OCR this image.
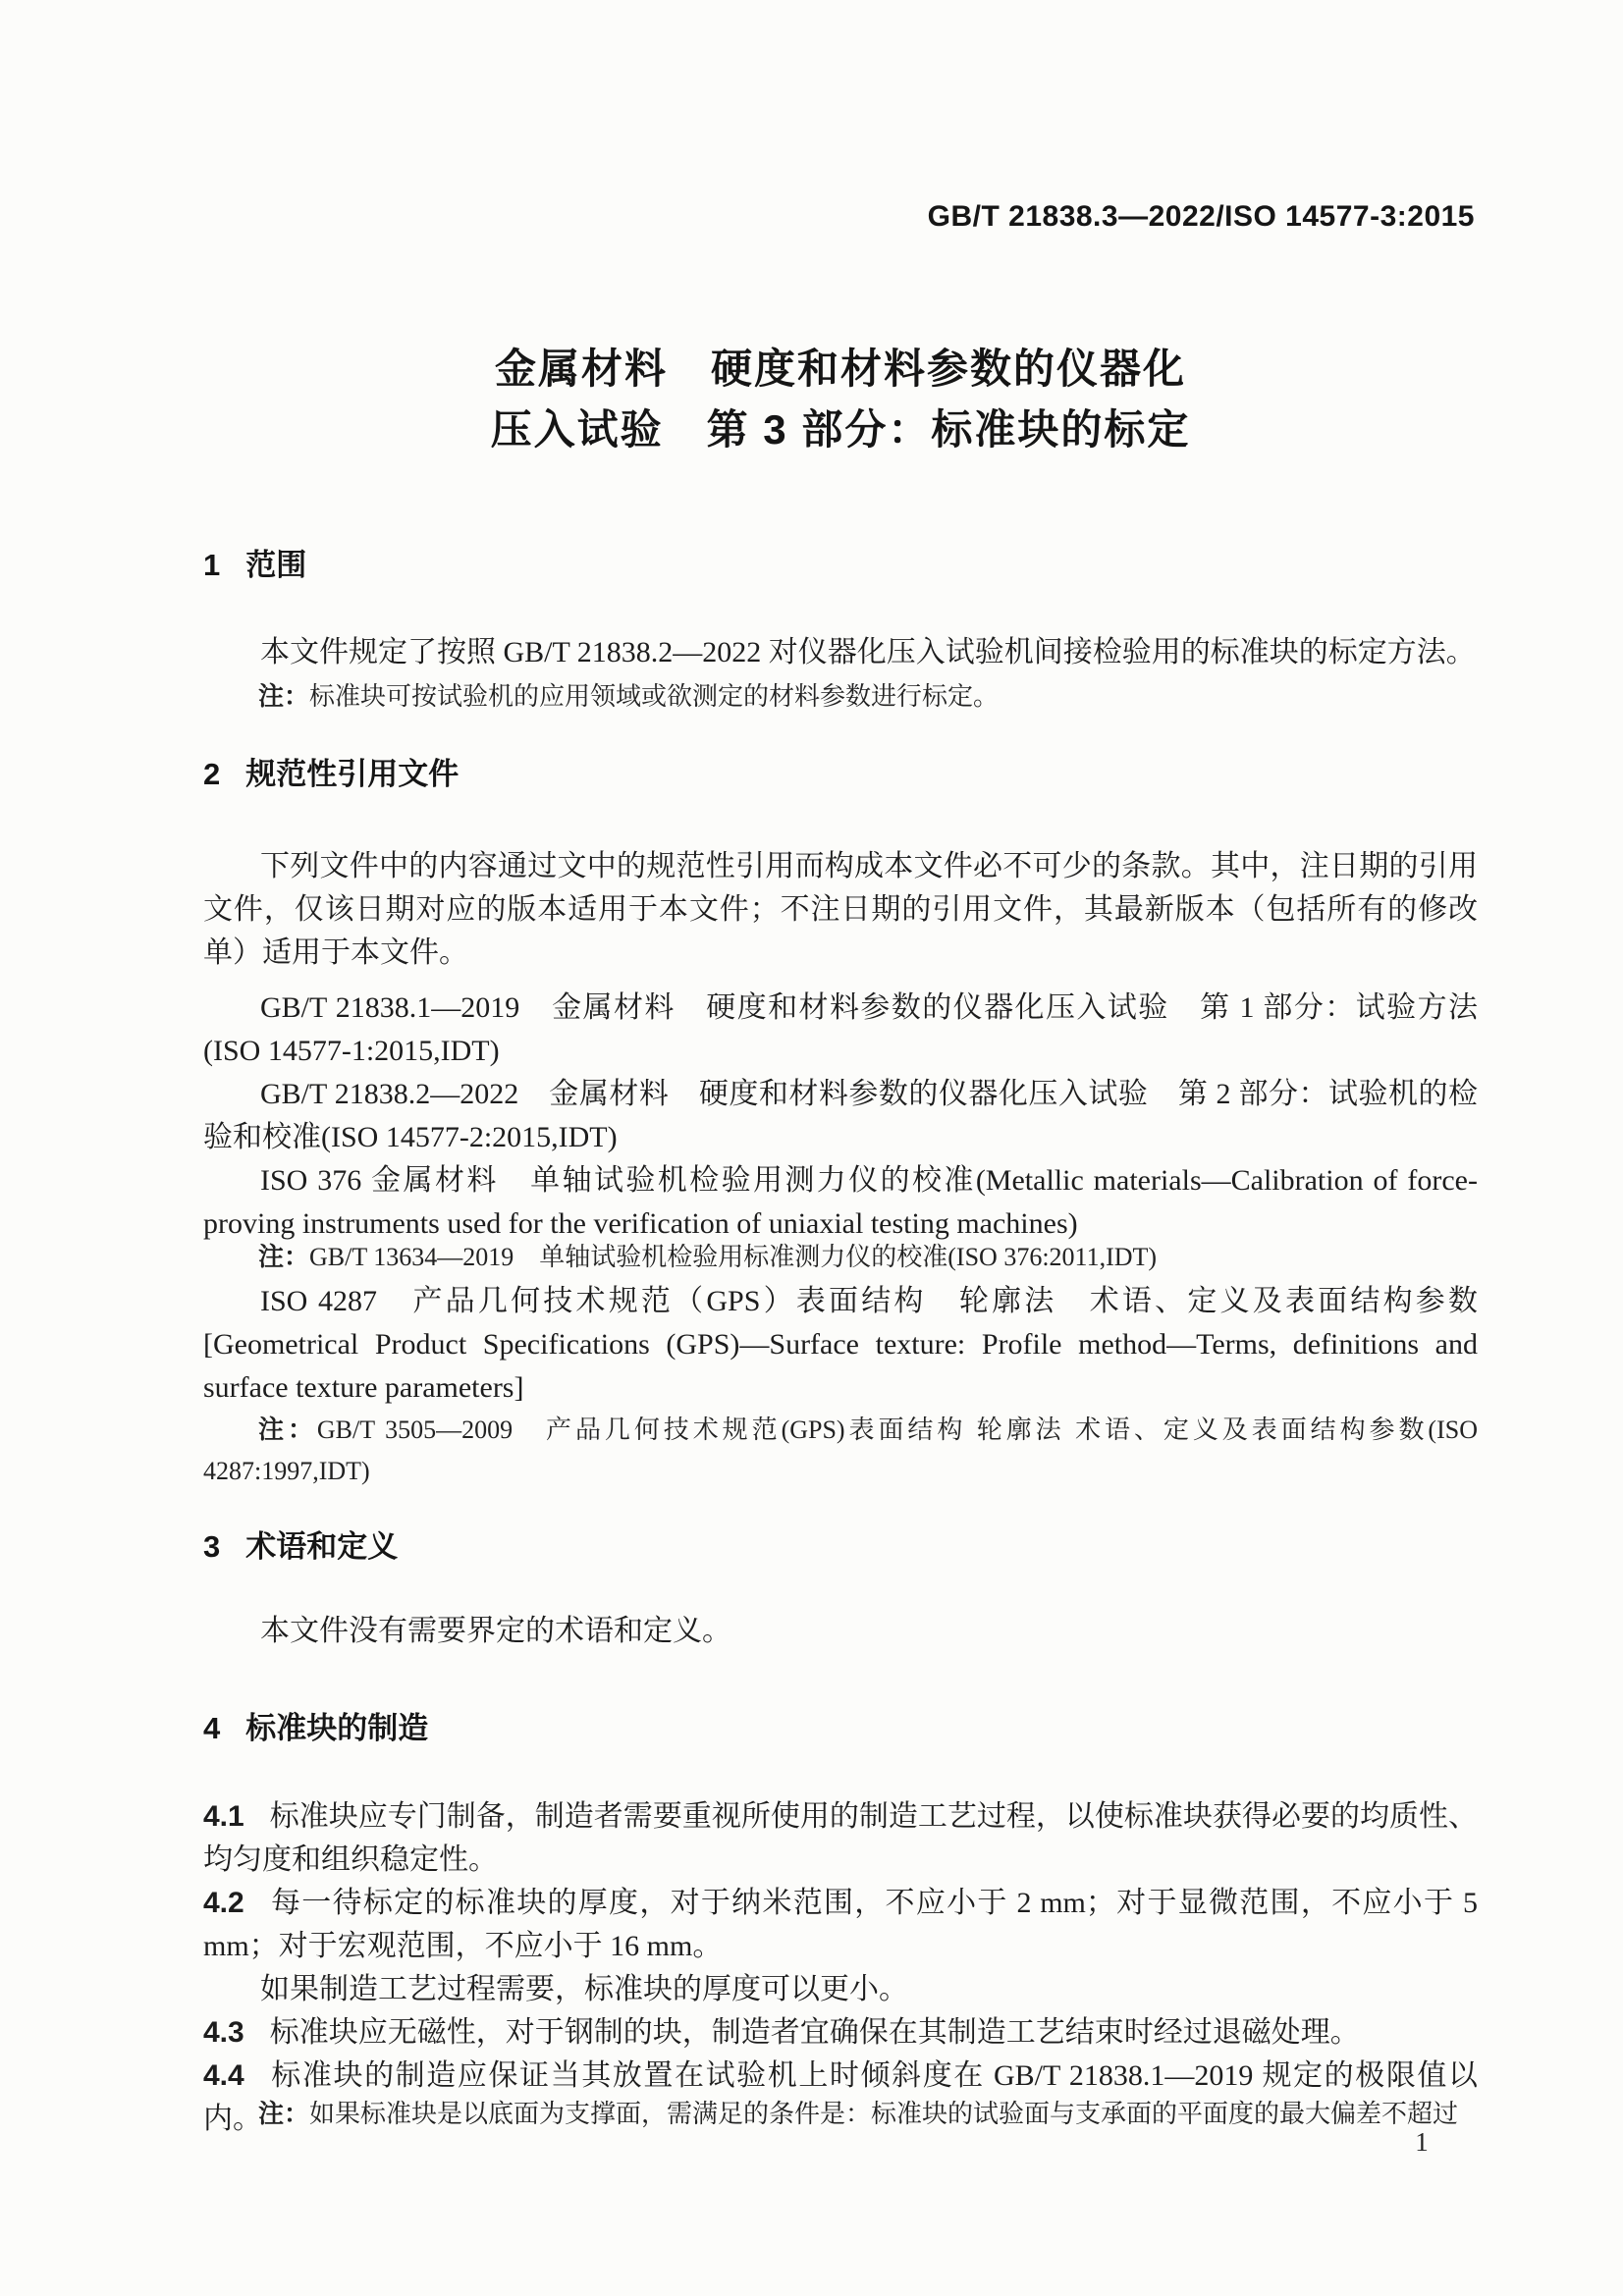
GB/T 21838.3—2022/ISO 14577-3:2015
金属材料　硬度和材料参数的仪器化
压入试验　第 3 部分：标准块的标定
1 范围

本文件规定了按照 GB/T 21838.2—2022 对仪器化压入试验机间接检验用的标准块的标定方法。

注：标准块可按试验机的应用领域或欲测定的材料参数进行标定。

2 规范性引用文件

下列文件中的内容通过文中的规范性引用而构成本文件必不可少的条款。其中，注日期的引用文件，仅该日期对应的版本适用于本文件；不注日期的引用文件，其最新版本（包括所有的修改单）适用于本文件。

GB/T 21838.1—2019　金属材料　硬度和材料参数的仪器化压入试验　第 1 部分：试验方法(ISO 14577-1:2015,IDT)

GB/T 21838.2—2022　金属材料　硬度和材料参数的仪器化压入试验　第 2 部分：试验机的检验和校准(ISO 14577-2:2015,IDT)

ISO 376 金属材料　单轴试验机检验用测力仪的校准(Metallic materials—Calibration of force-proving instruments used for the verification of uniaxial testing machines)

注：GB/T 13634—2019　单轴试验机检验用标准测力仪的校准(ISO 376:2011,IDT)

ISO 4287　产品几何技术规范（GPS）表面结构　轮廓法　术语、定义及表面结构参数[Geometrical Product Specifications (GPS)—Surface texture: Profile method—Terms, definitions and surface texture parameters]

注：GB/T 3505—2009　产品几何技术规范(GPS)表面结构 轮廓法 术语、定义及表面结构参数(ISO 4287:1997,IDT)

3 术语和定义

本文件没有需要界定的术语和定义。

4 标准块的制造

4.1 标准块应专门制备，制造者需要重视所使用的制造工艺过程，以使标准块获得必要的均质性、均匀度和组织稳定性。

4.2 每一待标定的标准块的厚度，对于纳米范围，不应小于 2 mm；对于显微范围，不应小于 5 mm；对于宏观范围，不应小于 16 mm。

如果制造工艺过程需要，标准块的厚度可以更小。

4.3 标准块应无磁性，对于钢制的块，制造者宜确保在其制造工艺结束时经过退磁处理。

4.4 标准块的制造应保证当其放置在试验机上时倾斜度在 GB/T 21838.1—2019 规定的极限值以内。

注：如果标准块是以底面为支撑面，需满足的条件是：标准块的试验面与支承面的平面度的最大偏差不超过

1
